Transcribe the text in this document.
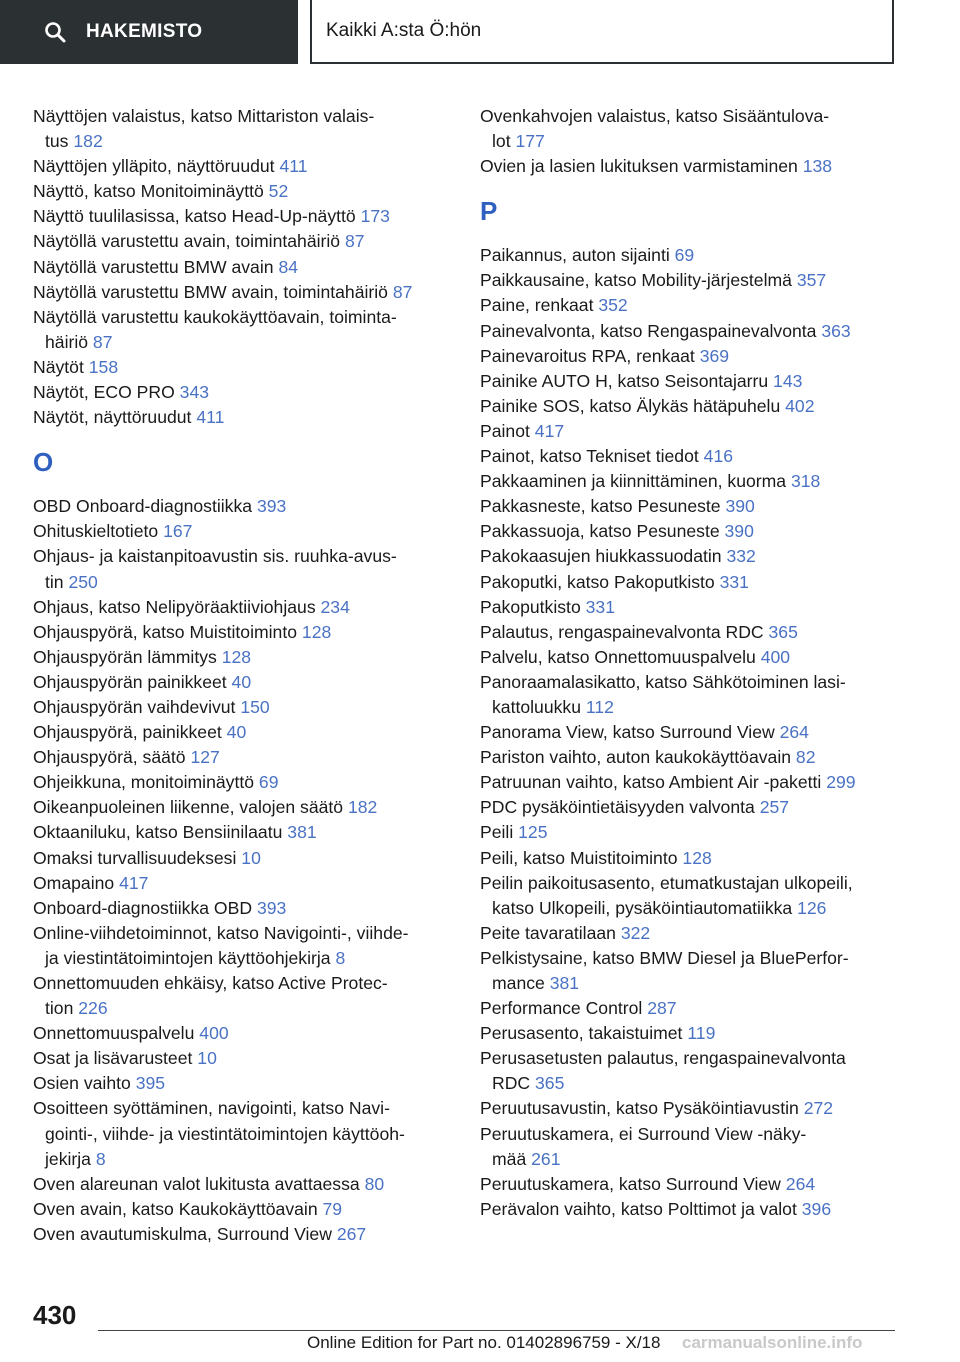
HAKEMISTO	Kaikki A:sta Ö:hön
Näyttöjen valaistus, katso Mittariston valais-
tus 182
Näyttöjen ylläpito, näyttöruudut 411
Näyttö, katso Monitoiminäyttö 52
Näyttö tuulilasissa, katso Head-Up-näyttö 173
Näytöllä varustettu avain, toimintahäiriö 87
Näytöllä varustettu BMW avain 84
Näytöllä varustettu BMW avain, toimintahäiriö 87
Näytöllä varustettu kaukokäyttöavain, toiminta-
häiriö 87
Näytöt 158
Näytöt, ECO PRO 343
Näytöt, näyttöruudut 411
O
OBD Onboard-diagnostiikka 393
Ohituskieltotieto 167
Ohjaus- ja kaistanpitoavustin sis. ruuhka-avus-
tin 250
Ohjaus, katso Nelipyöräaktiiviohjaus 234
Ohjauspyörä, katso Muistitoiminto 128
Ohjauspyörän lämmitys 128
Ohjauspyörän painikkeet 40
Ohjauspyörän vaihdevivut 150
Ohjauspyörä, painikkeet 40
Ohjauspyörä, säätö 127
Ohjeikkuna, monitoiminäyttö 69
Oikeanpuoleinen liikenne, valojen säätö 182
Oktaaniluku, katso Bensiinilaatu 381
Omaksi turvallisuudeksesi 10
Omapaino 417
Onboard-diagnostiikka OBD 393
Online-viihdetoiminnot, katso Navigointi-, viihde-
ja viestintätoimintojen käyttöohjekirja 8
Onnettomuuden ehkäisy, katso Active Protec-
tion 226
Onnettomuuspalvelu 400
Osat ja lisävarusteet 10
Osien vaihto 395
Osoitteen syöttäminen, navigointi, katso Navi-
gointi-, viihde- ja viestintätoimintojen käyttöoh-
jekirja 8
Oven alareunan valot lukitusta avattaessa 80
Oven avain, katso Kaukokäyttöavain 79
Oven avautumiskulma, Surround View 267
Ovenkahvojen valaistus, katso Sisääntulova-
lot 177
Ovien ja lasien lukituksen varmistaminen 138
P
Paikannus, auton sijainti 69
Paikkausaine, katso Mobility-järjestelmä 357
Paine, renkaat 352
Painevalvonta, katso Rengaspainevalvonta 363
Painevaroitus RPA, renkaat 369
Painike AUTO H, katso Seisontajarru 143
Painike SOS, katso Älykäs hätäpuhelu 402
Painot 417
Painot, katso Tekniset tiedot 416
Pakkaaminen ja kiinnittäminen, kuorma 318
Pakkasneste, katso Pesuneste 390
Pakkassuoja, katso Pesuneste 390
Pakokaasujen hiukkassuodatin 332
Pakoputki, katso Pakoputkisto 331
Pakoputkisto 331
Palautus, rengaspainevalvonta RDC 365
Palvelu, katso Onnettomuuspalvelu 400
Panoraamalasikatto, katso Sähkötoiminen lasi-
kattoluukku 112
Panorama View, katso Surround View 264
Pariston vaihto, auton kaukokäyttöavain 82
Patruunan vaihto, katso Ambient Air -paketti 299
PDC pysäköintietäisyyden valvonta 257
Peili 125
Peili, katso Muistitoiminto 128
Peilin paikoitusasento, etumatkustajan ulkopeili,
katso Ulkopeili, pysäköintiautomatiikka 126
Peite tavaratilaan 322
Pelkistysaine, katso BMW Diesel ja BluePerfor-
mance 381
Performance Control 287
Perusasento, takaistuimet 119
Perusasetusten palautus, rengaspainevalvonta
RDC 365
Peruutusavustin, katso Pysäköintiavustin 272
Peruutuskamera, ei Surround View -näky-
mää 261
Peruutuskamera, katso Surround View 264
Perävalon vaihto, katso Polttimot ja valot 396
430
Online Edition for Part no. 01402896759 - X/18 carmanualsonline.info
